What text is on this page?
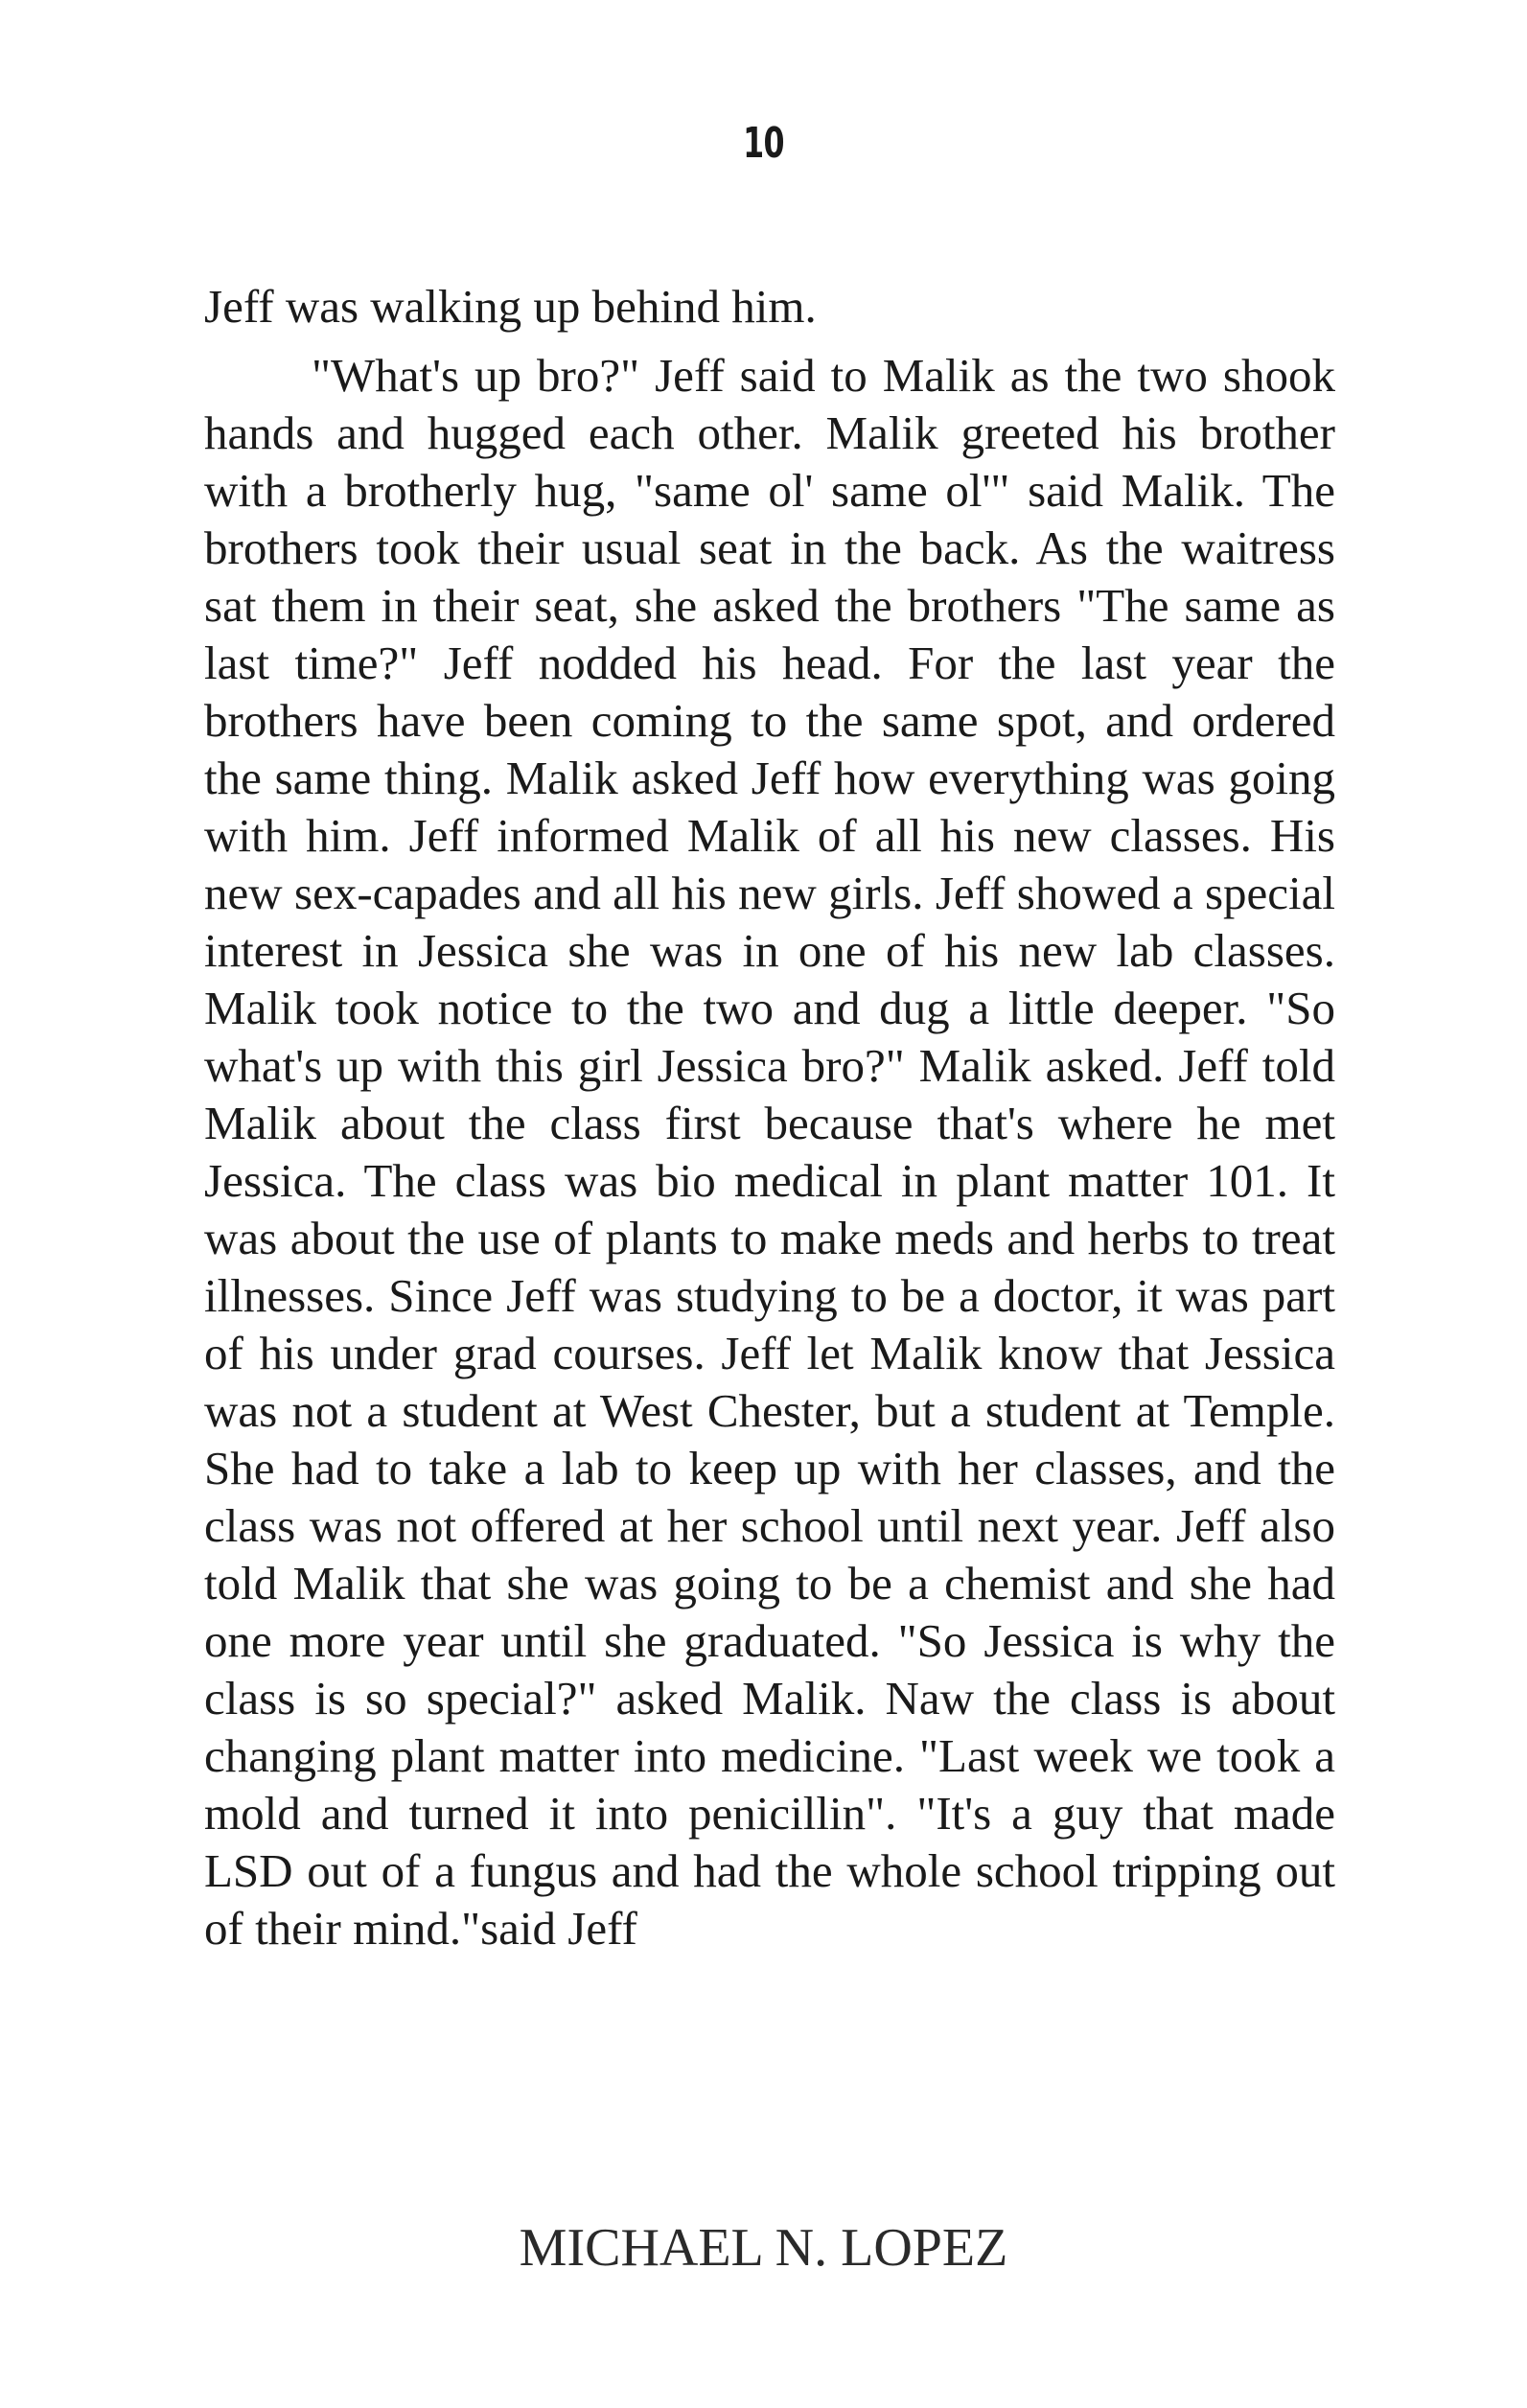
10

Jeff was walking up behind him.

"What's up bro?" Jeff said to Malik as the two shook hands and hugged each other. Malik greeted his brother with a brotherly hug, "same ol' same ol'" said Malik. The brothers took their usual seat in the back. As the waitress sat them in their seat, she asked the brothers "The same as last time?" Jeff nodded his head. For the last year the brothers have been coming to the same spot, and ordered the same thing. Malik asked Jeff how everything was going with him. Jeff informed Malik of all his new classes. His new sex-capades and all his new girls. Jeff showed a special interest in Jessica she was in one of his new lab classes. Malik took notice to the two and dug a little deeper. "So what's up with this girl Jessica bro?" Malik asked. Jeff told Malik about the class first because that's where he met Jessica. The class was bio medical in plant matter 101. It was about the use of plants to make meds and herbs to treat illnesses. Since Jeff was studying to be a doctor, it was part of his under grad courses. Jeff let Malik know that Jessica was not a student at West Chester, but a student at Temple. She had to take a lab to keep up with her classes, and the class was not offered at her school until next year. Jeff also told Malik that she was going to be a chemist and she had one more year until she graduated. "So Jessica is why the class is so special?" asked Malik. Naw the class is about changing plant matter into medicine. "Last week we took a mold and turned it into penicillin". "It's a guy that made LSD out of a fungus and had the whole school tripping out of their mind."said Jeff

MICHAEL N. LOPEZ
